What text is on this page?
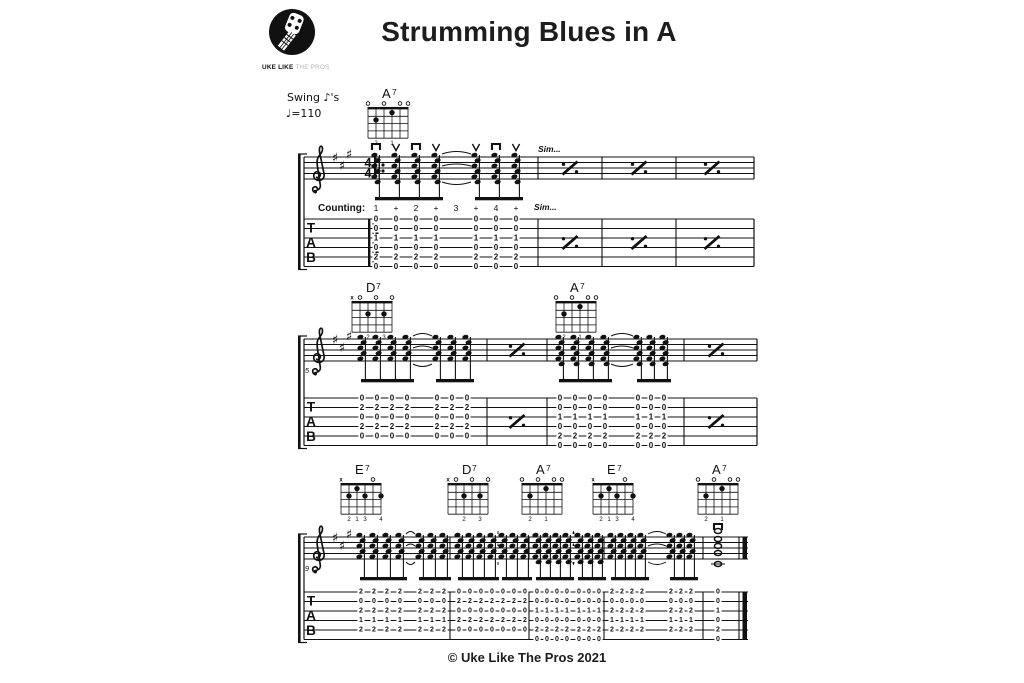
♯
♯
♯
T
A
B
4
4
Swing ♪'s
♩=110
Counting: 1 + 2 + 3 + 4 +
Sim...
Sim...
0
0
1
0
2
0
0
0
1
0
2
0
0
0
1
0
2
0
0
0
1
0
2
0
0
0
1
0
2
0
0
0
1
0
2
0
0
0
1
0
2
0
A 7
2 1
♯
♯
♯
T
A
B
5
0
2
0
2
0
0
2
0
2
0
0
2
0
2
0
0
2
0
2
0
0
2
0
2
0
0
2
0
2
0
0
2
0
2
0
D 7
x
2 3
0
0
1
0
2
0
0
0
1
0
2
0
0
0
1
0
2
0
0
0
1
0
2
0
0
0
1
0
2
0
0
0
1
0
2
0
0
0
1
0
2
0
A 7
2 1
♯
♯
♯
T
A
B
9
2
0
2
1
2
2
0
2
1
2
2
0
2
1
2
2
0
2
1
2
2
0
2
1
2
2
0
2
1
2
2
0
2
1
2
E 7
x
2 1 3 4
0
2
0
2
0
0
2
0
2
0
0
2
0
2
0
0
2
0
2
0
0
2
0
2
0
0
2
0
2
0
0
2
0
2
0
D 7
x
2 3
0
0
1
0
2
0
0
0
1
0
2
0
0
0
1
0
2
0
0
0
1
0
2
0
0
0
1
0
2
0
0
0
1
0
2
0
0
0
1
0
2
0
A 7
2 1
2
0
2
1
2
2
0
2
1
2
2
0
2
1
2
2
0
2
1
2
2
0
2
1
2
2
0
2
1
2
2
0
2
1
2
E 7
x
2 1 3 4
0
0
1
0
2
0
A 7
2 1
UKE LIKE THE PROS
Strumming Blues in A
© Uke Like The Pros 2021
